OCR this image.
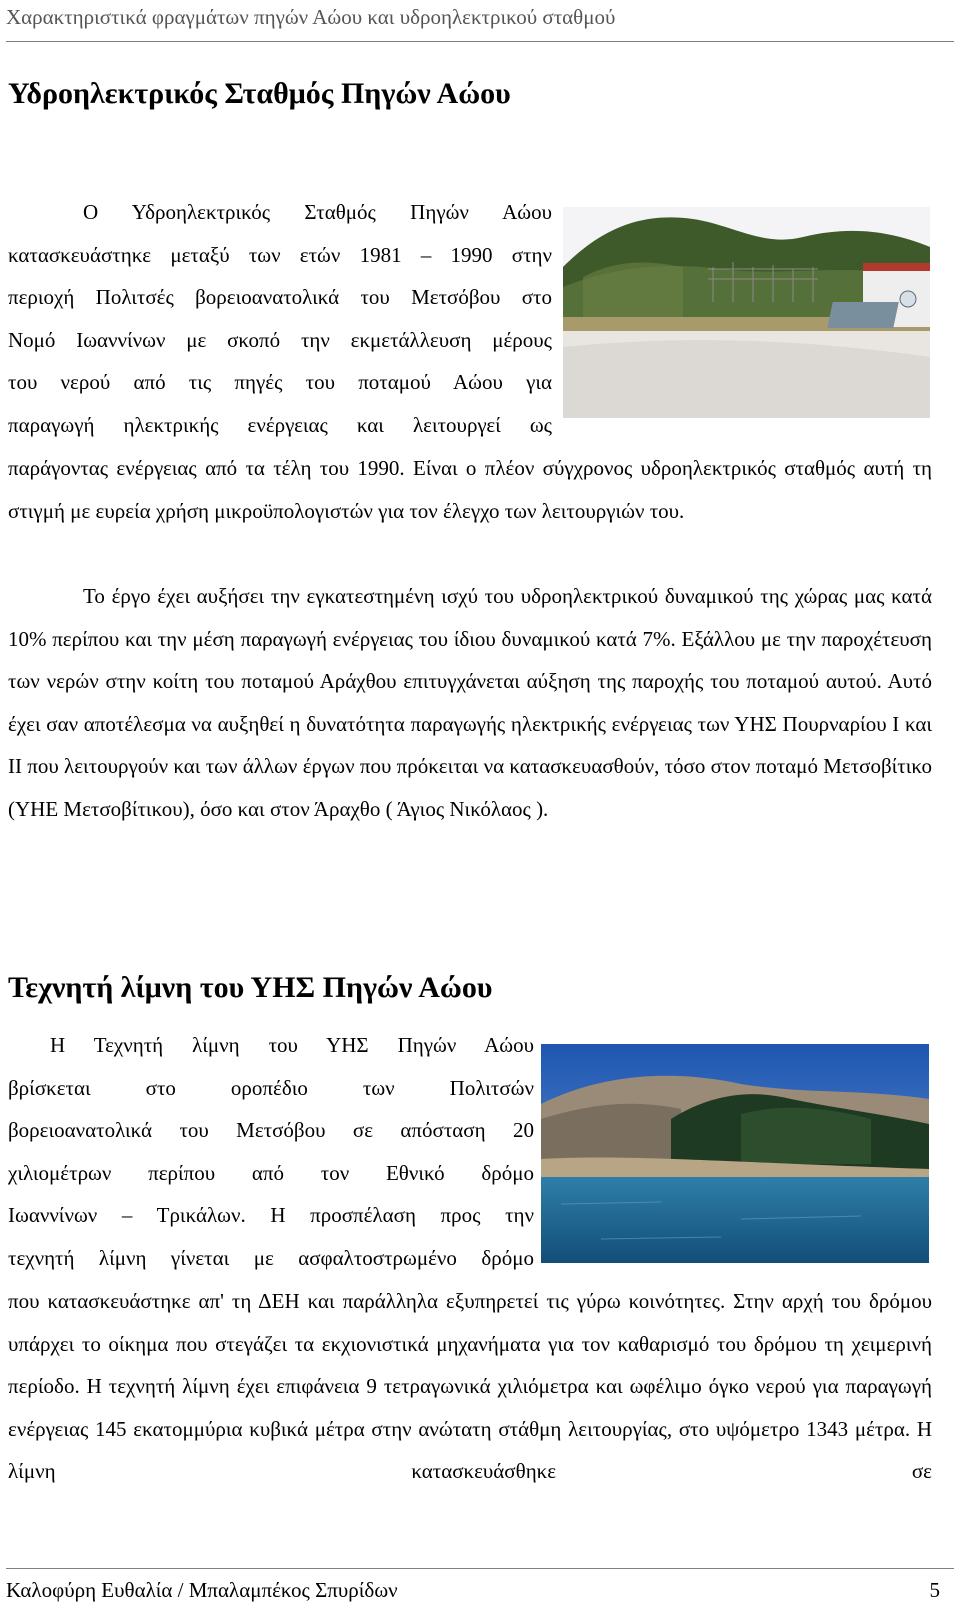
Χαρακτηριστικά φραγμάτων πηγών Αώου και υδροηλεκτρικού σταθμού
Υδροηλεκτρικός Σταθμός Πηγών Αώου
Ο Υδροηλεκτρικός Σταθμός Πηγών Αώου
κατασκευάστηκε μεταξύ των ετών 1981 – 1990 στην
περιοχή Πολιτσές βορειοανατολικά του Μετσόβου στο
Νομό Ιωαννίνων με σκοπό την εκμετάλλευση μέρους
του νερού από τις πηγές του ποταμού Αώου για
παραγωγή ηλεκτρικής ενέργειας και λειτουργεί ως
παράγοντας ενέργειας από τα τέλη του 1990. Είναι ο πλέον σύγχρονος υδροηλεκτρικός σταθμός αυτή τη στιγμή με ευρεία χρήση μικροϋπολογιστών για τον έλεγχο των λειτουργιών του.
Το έργο έχει αυξήσει την εγκατεστημένη ισχύ του υδροηλεκτρικού δυναμικού της χώρας μας κατά 10% περίπου και την μέση παραγωγή ενέργειας του ίδιου δυναμικού κατά 7%. Εξάλλου με την παροχέτευση των νερών στην κοίτη του ποταμού Αράχθου επιτυγχάνεται αύξηση της παροχής του ποταμού αυτού. Αυτό έχει σαν αποτέλεσμα να αυξηθεί η δυνατότητα παραγωγής ηλεκτρικής ενέργειας των ΥΗΣ Πουρναρίου Ι και ΙΙ που λειτουργούν και των άλλων έργων που πρόκειται να κατασκευασθούν, τόσο στον ποταμό Μετσοβίτικο (ΥΗΕ Μετσοβίτικου), όσο και στον Άραχθο ( Άγιος Νικόλαος ).
Τεχνητή λίμνη του ΥΗΣ Πηγών Αώου
Η Τεχνητή λίμνη του ΥΗΣ Πηγών Αώου
βρίσκεται στο οροπέδιο των Πολιτσών
βορειοανατολικά του Μετσόβου σε απόσταση 20
χιλιομέτρων περίπου από τον Εθνικό δρόμο
Ιωαννίνων – Τρικάλων. Η προσπέλαση προς την
τεχνητή λίμνη γίνεται με ασφαλτοστρωμένο δρόμο
που κατασκευάστηκε απ' τη ΔΕΗ και παράλληλα εξυπηρετεί τις γύρω κοινότητες. Στην αρχή του δρόμου υπάρχει το οίκημα που στεγάζει τα εκχιονιστικά μηχανήματα για τον καθαρισμό του δρόμου τη χειμερινή περίοδο. Η τεχνητή λίμνη έχει επιφάνεια 9 τετραγωνικά χιλιόμετρα και ωφέλιμο όγκο νερού για παραγωγή ενέργειας 145 εκατομμύρια κυβικά μέτρα στην ανώτατη στάθμη λειτουργίας, στο υψόμετρο 1343 μέτρα. Η λίμνη κατασκευάσθηκε σε
Καλοφύρη Ευθαλία / Μπαλαμπέκος Σπυρίδων	5
